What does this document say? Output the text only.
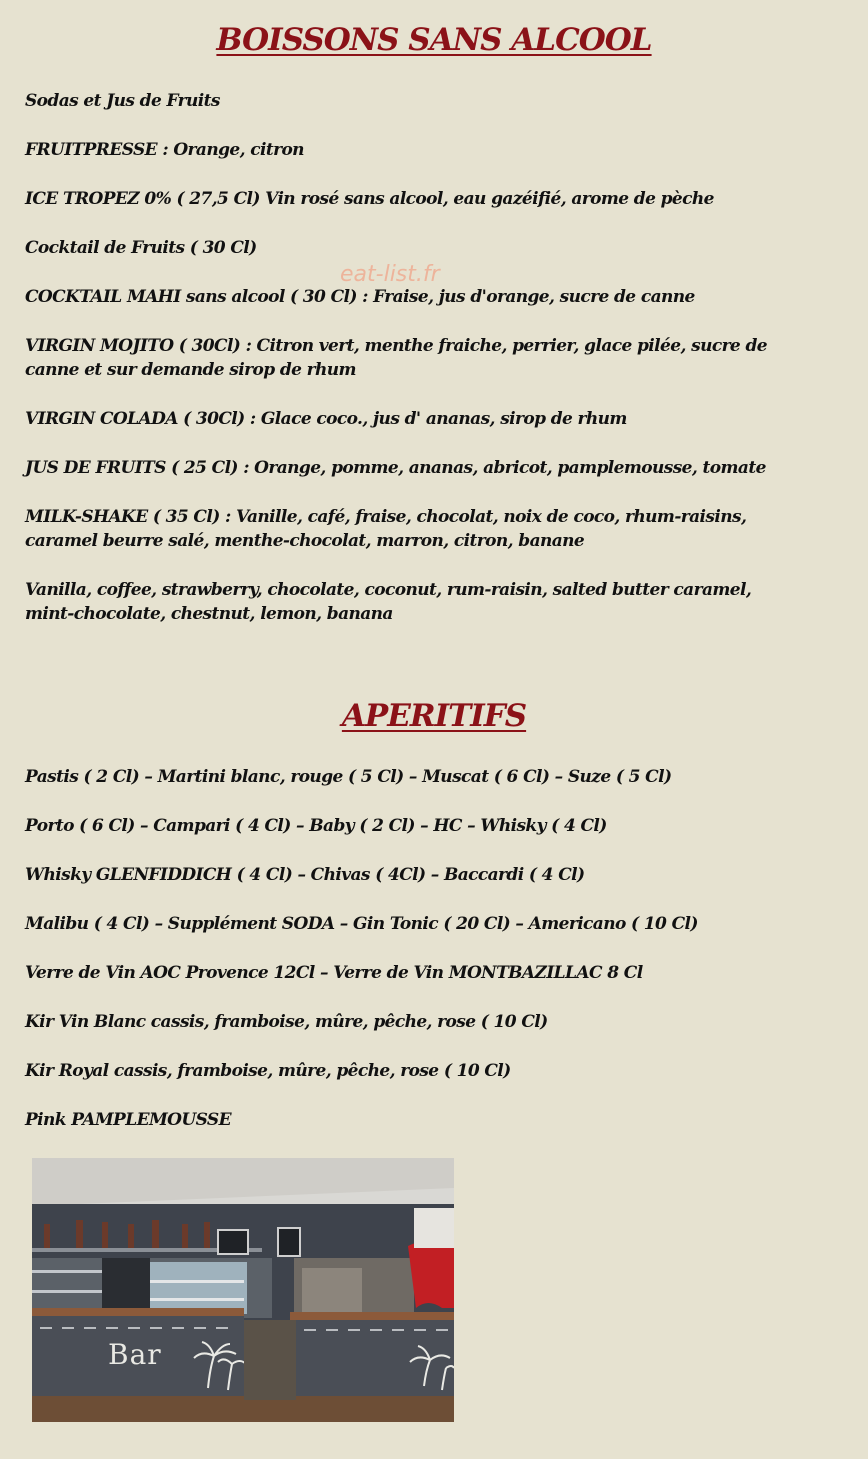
BOISSONS SANS ALCOOL

Sodas et Jus de Fruits

FRUITPRESSE : Orange, citron

ICE TROPEZ 0% ( 27,5 Cl) Vin rosé sans alcool, eau gazéifié, arome de pèche

Cocktail de Fruits ( 30 Cl)

COCKTAIL MAHI sans alcool ( 30 Cl) : Fraise, jus d'orange, sucre de canne

VIRGIN MOJITO ( 30Cl) : Citron vert, menthe fraiche, perrier, glace pilée, sucre de canne et sur demande sirop de rhum

VIRGIN COLADA ( 30Cl) : Glace coco., jus d' ananas, sirop de rhum

JUS DE FRUITS ( 25 Cl) : Orange, pomme, ananas, abricot, pamplemousse, tomate

MILK-SHAKE ( 35 Cl) : Vanille, café, fraise, chocolat, noix de coco, rhum-raisins, caramel beurre salé, menthe-chocolat, marron, citron, banane

Vanilla, coffee, strawberry, chocolate, coconut, rum-raisin, salted butter caramel, mint-chocolate, chestnut, lemon, banana

eat-list.fr
APERITIFS

Pastis ( 2 Cl) – Martini blanc, rouge ( 5 Cl) – Muscat ( 6 Cl) – Suze ( 5 Cl)

Porto ( 6 Cl) – Campari ( 4 Cl) – Baby ( 2 Cl) – HC – Whisky ( 4 Cl)

Whisky GLENFIDDICH ( 4 Cl) – Chivas ( 4Cl) – Baccardi ( 4 Cl)

Malibu ( 4 Cl) – Supplément SODA – Gin Tonic ( 20 Cl) – Americano ( 10 Cl)

Verre de Vin AOC Provence 12Cl – Verre de Vin MONTBAZILLAC 8 Cl

Kir Vin Blanc cassis, framboise, mûre, pêche, rose ( 10 Cl)

Kir Royal cassis, framboise, mûre, pêche, rose ( 10 Cl)

Pink PAMPLEMOUSSE

Bar
